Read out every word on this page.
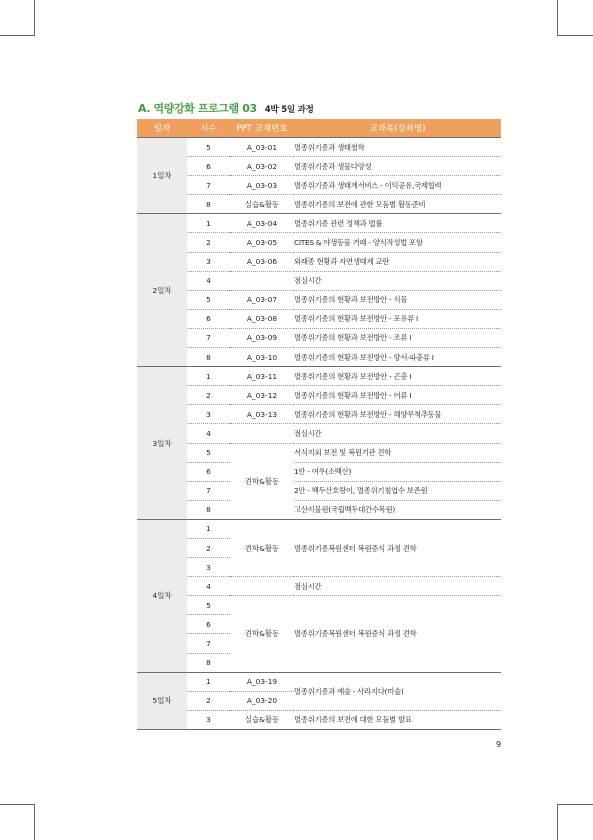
A. 역량강화 프로그램 03 4박 5일 과정
일자	시수	PPT 교재번호	교과목(강좌명)
1일차	5	A_03-01	멸종위기종과 생태철학
	6	A_03-02	멸종위기종과 생물다양성
	7	A_03-03	멸종위기종과 생태계서비스 - 이익공유,국제협력
	8	실습&활동	멸종위기종의 보전에 관한 모둠별 활동준비
2일차	1	A_03-04	멸종위기종 관련 정책과 법률
	2	A_03-05	CITES & 야생동물 거래 - 양식작성법 포함
	3	A_03-06	외래종 현황과 자연생태계 교란
	4		점심시간
	5	A_03-07	멸종위기종의 현황과 보전방안 - 식물
	6	A_03-08	멸종위기종의 현황과 보전방안 - 포유류 I
	7	A_03-09	멸종위기종의 현황과 보전방안 - 조류 I
	8	A_03-10	멸종위기종의 현황과 보전방안 - 양서·파충류 I
3일차	1	A_03-11	멸종위기종의 현황과 보전방안 - 곤충 I
	2	A_03-12	멸종위기종의 현황과 보전방안 - 어류 I
	3	A_03-13	멸종위기종의 현황과 보전방안 - 해양무척추동물
	4		점심시간
	5	견학&활동	서식지외 보전 및 복원기관 견학
	6		1안 - 여우(소백산)
	7		2안 - 백두산호랑이, 멸종위기침엽수 보존원
	8		고산식물원(국립백두대간수목원)
4일차	1	견학&활동	멸종위기종복원센터 복원증식 과정 견학
	2		
	3		
	4		점심시간
	5	견학&활동	멸종위기종복원센터 복원증식 과정 견학
	6		
	7		
	8		
5일차	1	A_03-19	멸종위기종과 예술 - 사라지다(미술)
	2	A_03-20	
	3	실습&활동	멸종위기종의 보전에 대한 모둠별 발표
9
